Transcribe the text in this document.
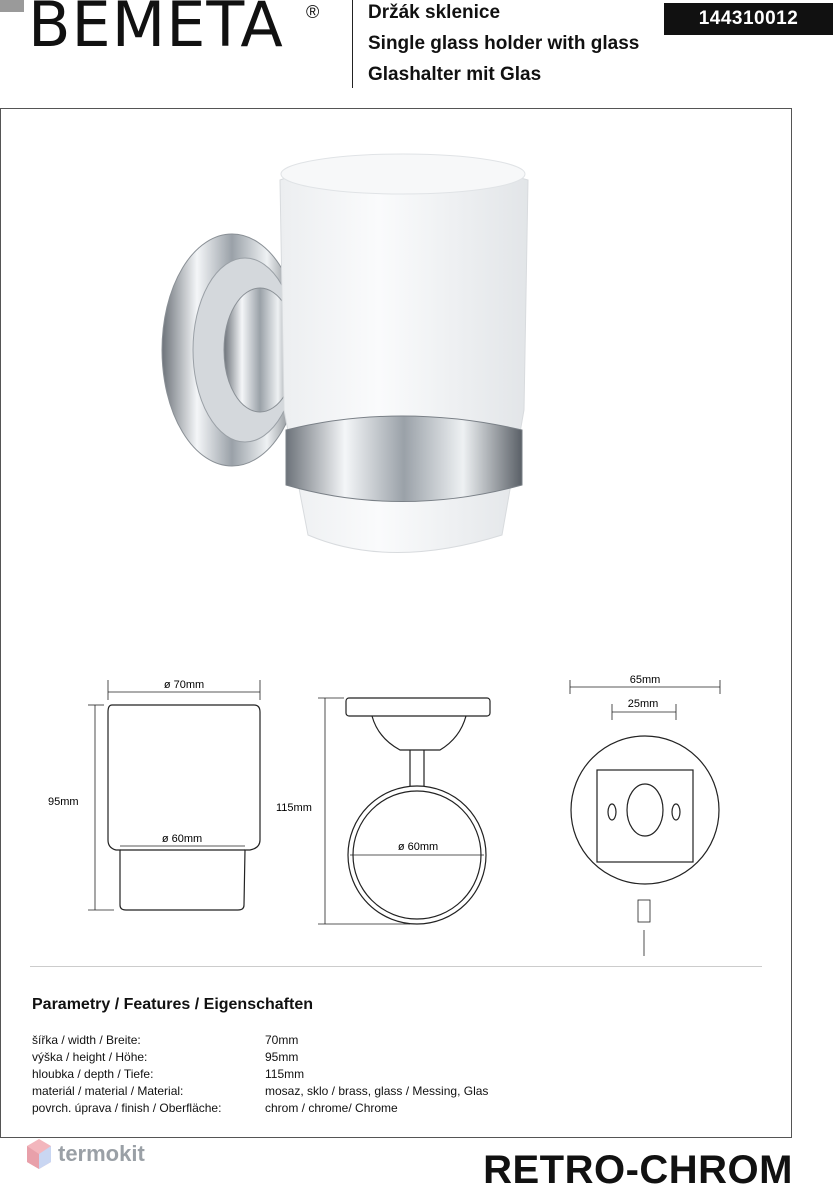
BEMETA ®	Držák sklenice
Single glass holder with glass
Glashalter mit Glas
144310012
ø 70mm
ø 60mm
95mm	115mm
ø 60mm
65mm
25mm
Parametry / Features / Eigenschaften
šířka / width / Breite:	70mm
výška / height / Höhe:	95mm
hloubka / depth / Tiefe:	115mm
materiál / material / Material:	mosaz, sklo / brass, glass / Messing, Glas
povrch. úprava / finish / Oberfläche:	chrom / chrome/ Chrome
termokit	RETRO-CHROM
